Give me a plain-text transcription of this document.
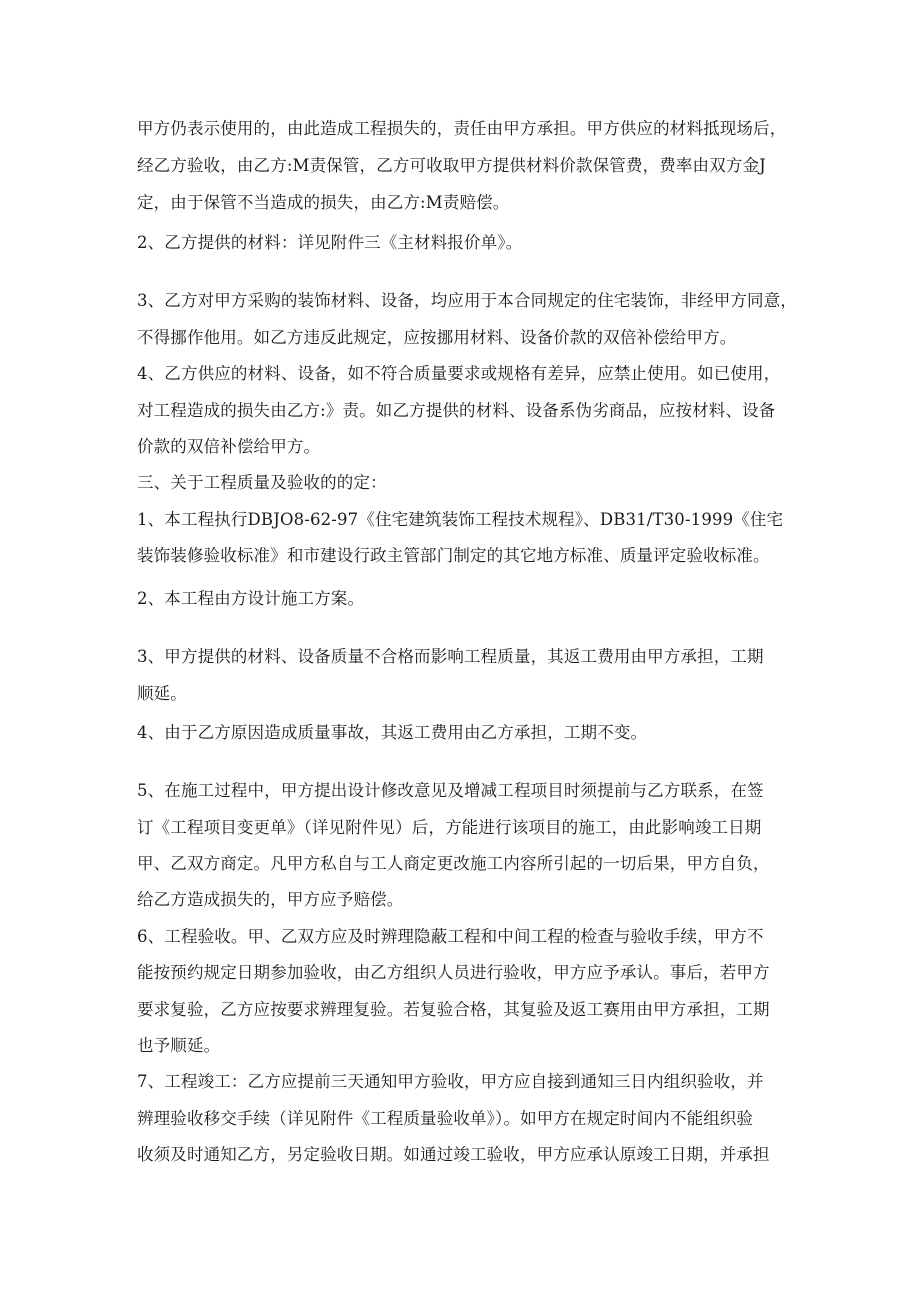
甲方仍表示使用的，由此造成工程损失的，责任由甲方承担。甲方供应的材料抵现场后，
经乙方验收，由乙方:M责保管，乙方可收取甲方提供材料价款保管费，费率由双方金J
定，由于保管不当造成的损失，由乙方:M责赔偿。
2、乙方提供的材料：详见附件三《主材料报价单》。
3、乙方对甲方采购的装饰材料、设备，均应用于本合同规定的住宅装饰，非经甲方同意，
不得挪作他用。如乙方违反此规定，应按挪用材料、设备价款的双倍补偿给甲方。
4、乙方供应的材料、设备，如不符合质量要求或规格有差异，应禁止使用。如已使用，
对工程造成的损失由乙方:》责。如乙方提供的材料、设备系伪劣商品，应按材料、设备
价款的双倍补偿给甲方。
三、关于工程质量及验收的的定：
1、本工程执行DBJO8-62-97《住宅建筑装饰工程技术规程》、DB31/T30-1999《住宅
装饰装修验收标准》和市建设行政主管部门制定的其它地方标准、质量评定验收标准。
2、本工程由方设计施工方案。
3、甲方提供的材料、设备质量不合格而影响工程质量，其返工费用由甲方承担，工期
顺延。
4、由于乙方原因造成质量事故，其返工费用由乙方承担，工期不变。
5、在施工过程中，甲方提出设计修改意见及增减工程项目时须提前与乙方联系，在签
订《工程项目变更单》（详见附件见）后，方能进行该项目的施工，由此影响竣工日期
甲、乙双方商定。凡甲方私自与工人商定更改施工内容所引起的一切后果，甲方自负，
给乙方造成损失的，甲方应予赔偿。
6、工程验收。甲、乙双方应及时辨理隐蔽工程和中间工程的检查与验收手续，甲方不
能按预约规定日期参加验收，由乙方组织人员进行验收，甲方应予承认。事后，若甲方
要求复验，乙方应按要求辨理复验。若复验合格，其复验及返工赛用由甲方承担，工期
也予顺延。
7、工程竣工：乙方应提前三天通知甲方验收，甲方应自接到通知三日内组织验收，并
辨理验收移交手续（详见附件《工程质量验收单》）。如甲方在规定时间内不能组织验
收须及时通知乙方，另定验收日期。如通过竣工验收，甲方应承认原竣工日期，并承担
